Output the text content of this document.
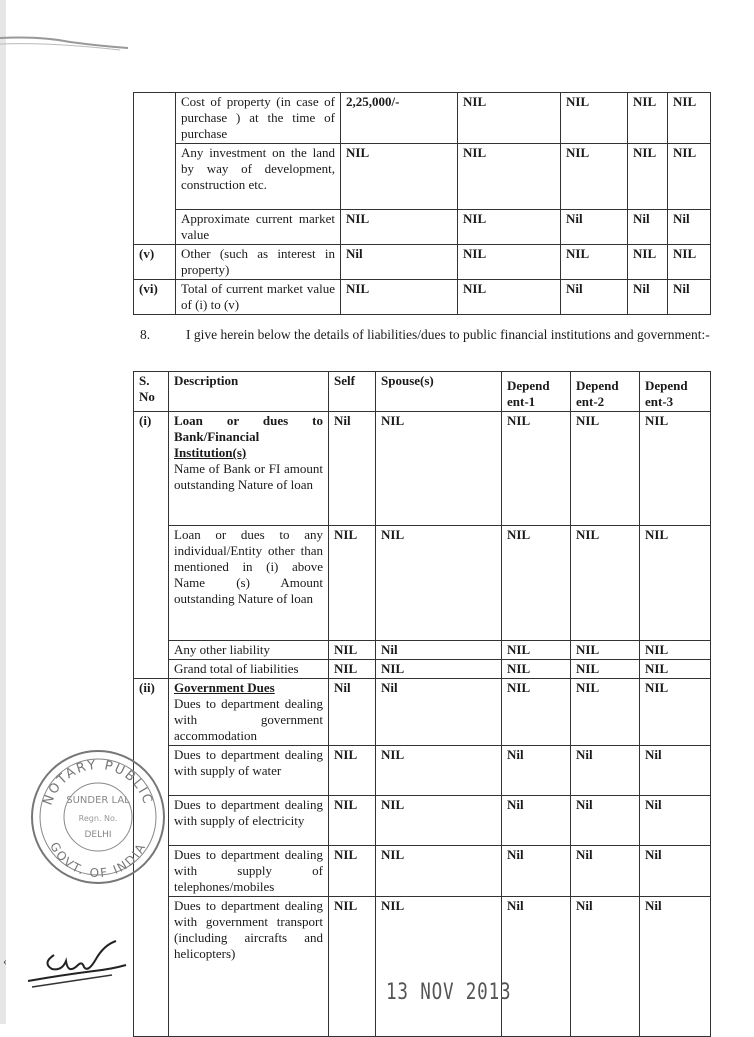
	Cost of property (in case of purchase ) at the time of purchase	2,25,000/-	NIL	NIL	NIL	NIL
	Any investment on the land by way of development, construction etc.	NIL	NIL	NIL	NIL	NIL
	Approximate current market value	NIL	NIL	Nil	Nil	Nil
(v)	Other (such as interest in property)	Nil	NIL	NIL	NIL	NIL
(vi)	Total of current market value of (i) to (v)	NIL	NIL	Nil	Nil	Nil
8.	I give herein below the details of liabilities/dues to public financial institutions and government:-
S. No	Description	Self	Spouse(s)	Depend ent-1	Depend ent-2	Depend ent-3
(i)	Loan or dues to Bank/Financial
Institution(s)
Name of Bank or FI amount outstanding Nature of loan	Nil	NIL	NIL	NIL	NIL
	Loan or dues to any individual/Entity other than mentioned in (i) above Name (s) Amount outstanding Nature of loan	NIL	NIL	NIL	NIL	NIL
	Any other liability	NIL	Nil	NIL	NIL	NIL
	Grand total of liabilities	NIL	NIL	NIL	NIL	NIL
(ii)	Government Dues
Dues to department dealing with government accommodation	Nil	Nil	NIL	NIL	NIL
	Dues to department dealing with supply of water	NIL	NIL	Nil	Nil	Nil
	Dues to department dealing with supply of electricity	NIL	NIL	Nil	Nil	Nil
	Dues to department dealing with supply of telephones/mobiles	NIL	NIL	Nil	Nil	Nil
	Dues to department dealing with government transport (including aircrafts and helicopters)	NIL	NIL	Nil	Nil	Nil
NOTARY PUBLIC
GOVT. OF INDIA
SUNDER LAL
Regn. No.
DELHI
‹
13 NOV 2013
